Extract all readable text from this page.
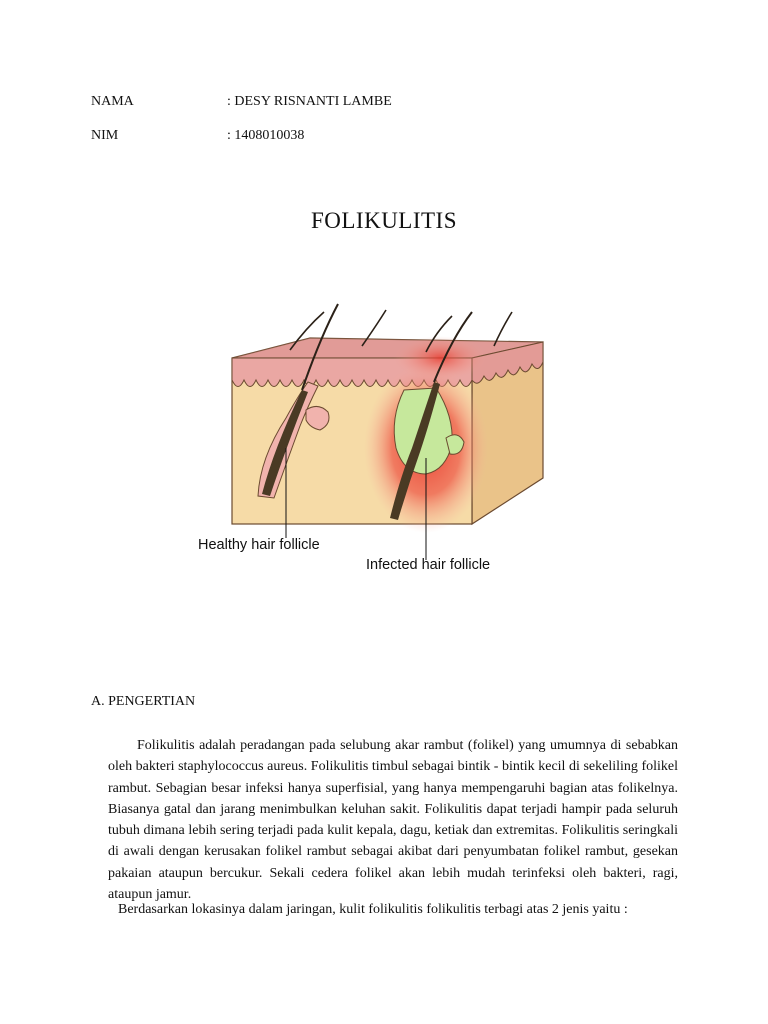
NAMA	: DESY RISNANTI LAMBE
NIM	: 1408010038
FOLIKULITIS
Healthy hair follicle
Infected hair follicle
A. PENGERTIAN

Folikulitis adalah peradangan pada selubung akar rambut (folikel) yang umumnya di sebabkan oleh bakteri staphylococcus aureus. Folikulitis timbul sebagai bintik - bintik kecil di sekeliling folikel rambut. Sebagian besar infeksi hanya superfisial, yang hanya mempengaruhi bagian atas folikelnya. Biasanya gatal dan jarang menimbulkan keluhan sakit. Folikulitis dapat terjadi hampir pada seluruh tubuh dimana lebih sering terjadi pada kulit kepala, dagu, ketiak dan extremitas. Folikulitis seringkali di awali dengan kerusakan folikel rambut sebagai akibat dari penyumbatan folikel rambut, gesekan pakaian ataupun bercukur. Sekali cedera folikel akan lebih mudah terinfeksi oleh bakteri, ragi, ataupun jamur.

Berdasarkan lokasinya dalam jaringan, kulit folikulitis folikulitis terbagi atas 2 jenis yaitu :
